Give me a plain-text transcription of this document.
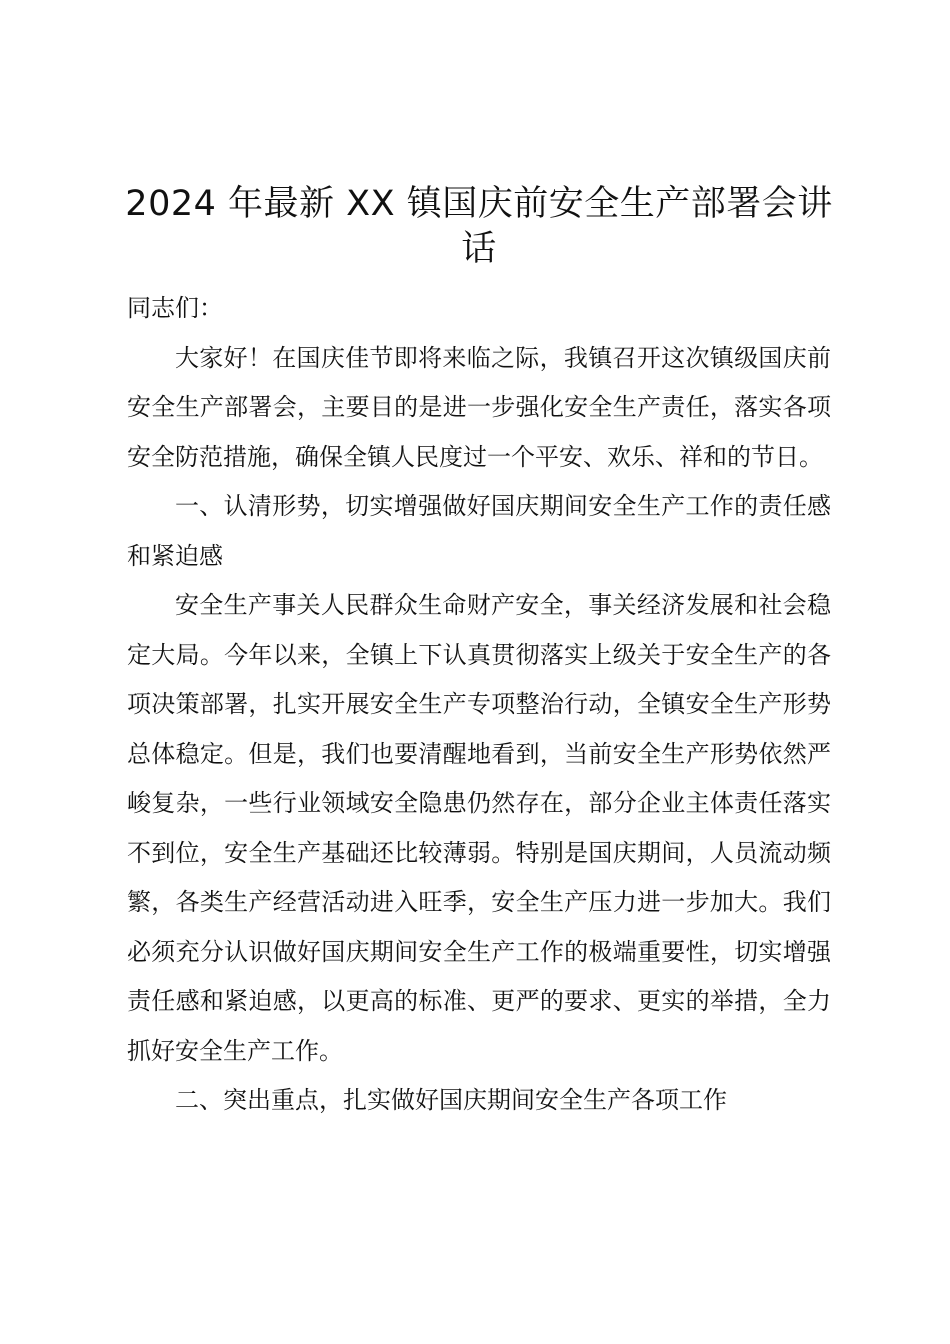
2024 年最新 XX 镇国庆前安全生产部署会讲话

同志们：

大家好！在国庆佳节即将来临之际，我镇召开这次镇级国庆前安全生产部署会，主要目的是进一步强化安全生产责任，落实各项安全防范措施，确保全镇人民度过一个平安、欢乐、祥和的节日。

一、认清形势，切实增强做好国庆期间安全生产工作的责任感和紧迫感

安全生产事关人民群众生命财产安全，事关经济发展和社会稳定大局。今年以来，全镇上下认真贯彻落实上级关于安全生产的各项决策部署，扎实开展安全生产专项整治行动，全镇安全生产形势总体稳定。但是，我们也要清醒地看到，当前安全生产形势依然严峻复杂，一些行业领域安全隐患仍然存在，部分企业主体责任落实不到位，安全生产基础还比较薄弱。特别是国庆期间，人员流动频繁，各类生产经营活动进入旺季，安全生产压力进一步加大。我们必须充分认识做好国庆期间安全生产工作的极端重要性，切实增强责任感和紧迫感，以更高的标准、更严的要求、更实的举措，全力抓好安全生产工作。

二、突出重点，扎实做好国庆期间安全生产各项工作
